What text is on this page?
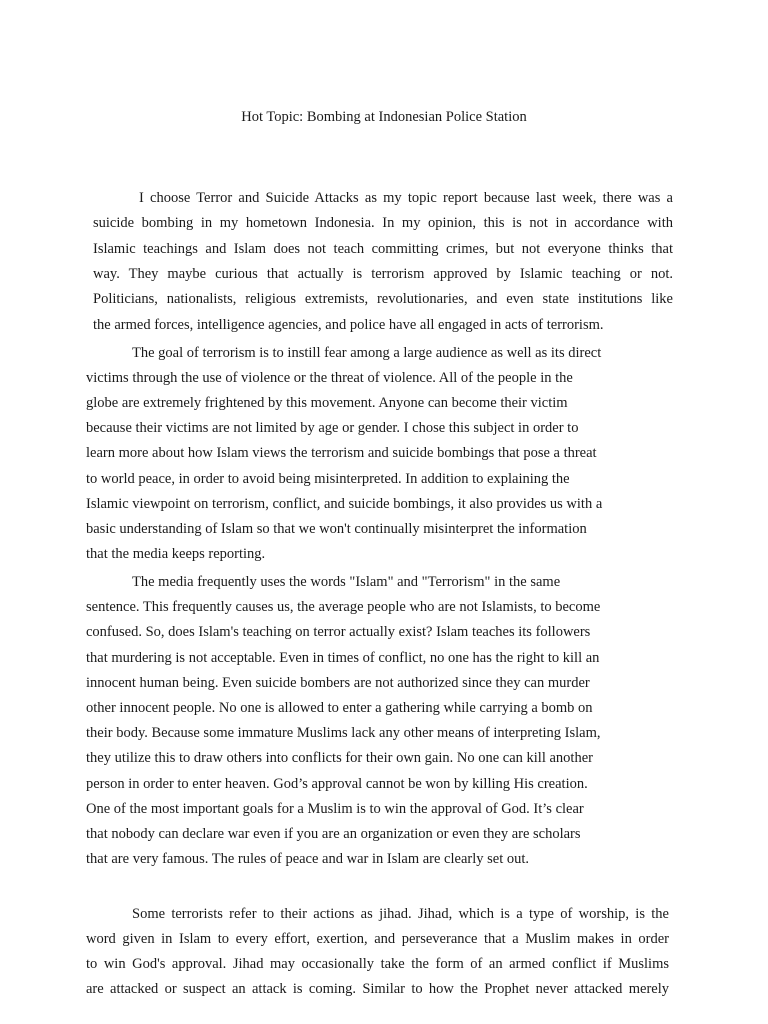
Hot Topic: Bombing at Indonesian Police Station
I choose Terror and Suicide Attacks as my topic report because last week, there was a
suicide bombing in my hometown Indonesia. In my opinion, this is not in accordance with
Islamic teachings and Islam does not teach committing crimes, but not everyone thinks that
way. They maybe curious that actually is terrorism approved by Islamic teaching or not.
Politicians, nationalists, religious extremists, revolutionaries, and even state institutions like
the armed forces, intelligence agencies, and police have all engaged in acts of terrorism.
The goal of terrorism is to instill fear among a large audience as well as its direct
victims through the use of violence or the threat of violence. All of the people in the
globe are extremely frightened by this movement. Anyone can become their victim
because their victims are not limited by age or gender. I chose this subject in order to
learn more about how Islam views the terrorism and suicide bombings that pose a threat
to world peace, in order to avoid being misinterpreted. In addition to explaining the
Islamic viewpoint on terrorism, conflict, and suicide bombings, it also provides us with a
basic understanding of Islam so that we won't continually misinterpret the information
that the media keeps reporting.
The media frequently uses the words "Islam" and "Terrorism" in the same
sentence. This frequently causes us, the average people who are not Islamists, to become
confused. So, does Islam's teaching on terror actually exist? Islam teaches its followers
that murdering is not acceptable. Even in times of conflict, no one has the right to kill an
innocent human being. Even suicide bombers are not authorized since they can murder
other innocent people. No one is allowed to enter a gathering while carrying a bomb on
their body. Because some immature Muslims lack any other means of interpreting Islam,
they utilize this to draw others into conflicts for their own gain. No one can kill another
person in order to enter heaven. God’s approval cannot be won by killing His creation.
One of the most important goals for a Muslim is to win the approval of God. It’s clear
that nobody can declare war even if you are an organization or even they are scholars
that are very famous. The rules of peace and war in Islam are clearly set out.
Some terrorists refer to their actions as jihad. Jihad, which is a type of worship, is the
word given in Islam to every effort, exertion, and perseverance that a Muslim makes in order
to win God's approval. Jihad may occasionally take the form of an armed conflict if Muslims
are attacked or suspect an attack is coming. Similar to how the Prophet never attacked merely
